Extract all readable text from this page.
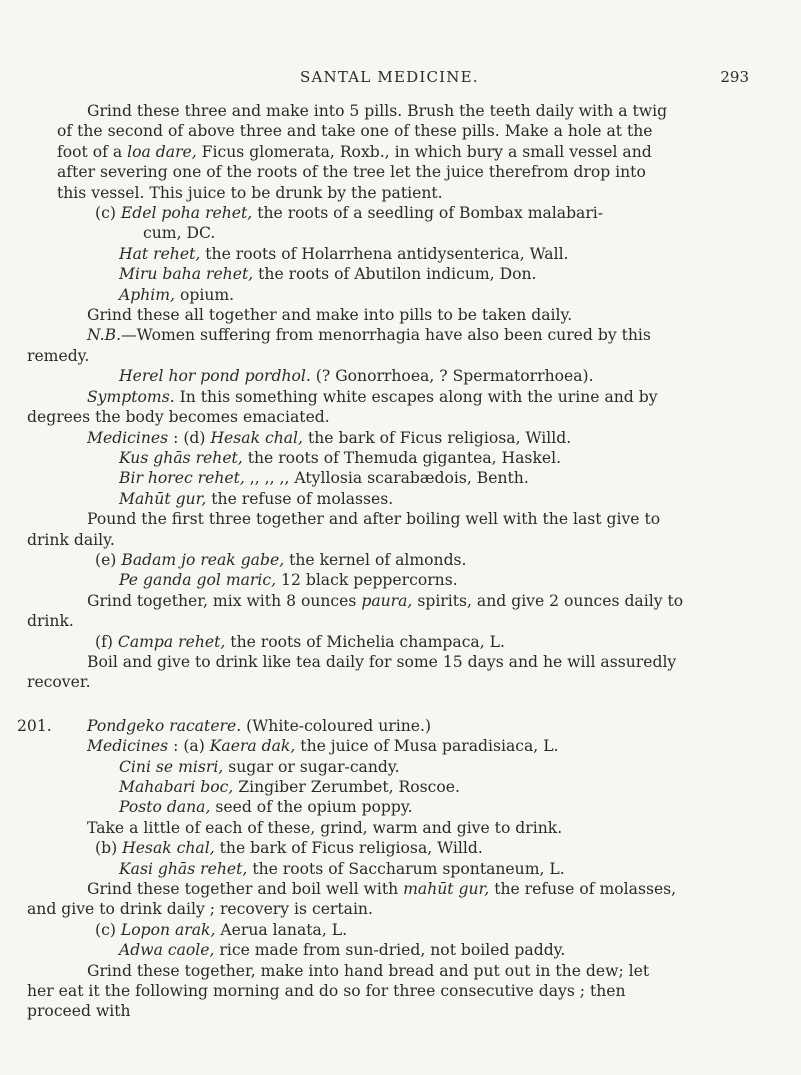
SANTAL MEDICINE.	293

Grind these three and make into 5 pills. Brush the teeth daily with a twig
of the second of above three and take one of these pills. Make a hole at the
foot of a loa dare, Ficus glomerata, Roxb., in which bury a small vessel and
after severing one of the roots of the tree let the juice therefrom drop into
this vessel. This juice to be drunk by the patient.

(c) Edel poha rehet, the roots of a seedling of Bombax malabari-
cum, DC.

Hat rehet, the roots of Holarrhena antidysenterica, Wall.

Miru baha rehet, the roots of Abutilon indicum, Don.

Aphim, opium.

Grind these all together and make into pills to be taken daily.

N.B.—Women suffering from menorrhagia have also been cured by this
remedy.

Herel hor pond pordhol. (? Gonorrhoea, ? Spermatorrhoea).

Symptoms. In this something white escapes along with the urine and by
degrees the body becomes emaciated.

Medicines : (d) Hesak chal, the bark of Ficus religiosa, Willd.

Kus ghās rehet, the roots of Themuda gigantea, Haskel.

Bir horec rehet, ,, ,, ,, Atyllosia scarabædois, Benth.

Mahūt gur, the refuse of molasses.

Pound the first three together and after boiling well with the last give to
drink daily.

(e) Badam jo reak gabe, the kernel of almonds.

Pe ganda gol maric, 12 black peppercorns.

Grind together, mix with 8 ounces paura, spirits, and give 2 ounces daily to
drink.

(f) Campa rehet, the roots of Michelia champaca, L.

Boil and give to drink like tea daily for some 15 days and he will assuredly
recover.

201. Pondgeko racatere. (White-coloured urine.)

Medicines : (a) Kaera dak, the juice of Musa paradisiaca, L.

Cini se misri, sugar or sugar-candy.

Mahabari boc, Zingiber Zerumbet, Roscoe.

Posto dana, seed of the opium poppy.

Take a little of each of these, grind, warm and give to drink.

(b) Hesak chal, the bark of Ficus religiosa, Willd.

Kasi ghās rehet, the roots of Saccharum spontaneum, L.

Grind these together and boil well with mahūt gur, the refuse of molasses,
and give to drink daily ; recovery is certain.

(c) Lopon arak, Aerua lanata, L.

Adwa caole, rice made from sun-dried, not boiled paddy.

Grind these together, make into hand bread and put out in the dew; let
her eat it the following morning and do so for three consecutive days ; then
proceed with
